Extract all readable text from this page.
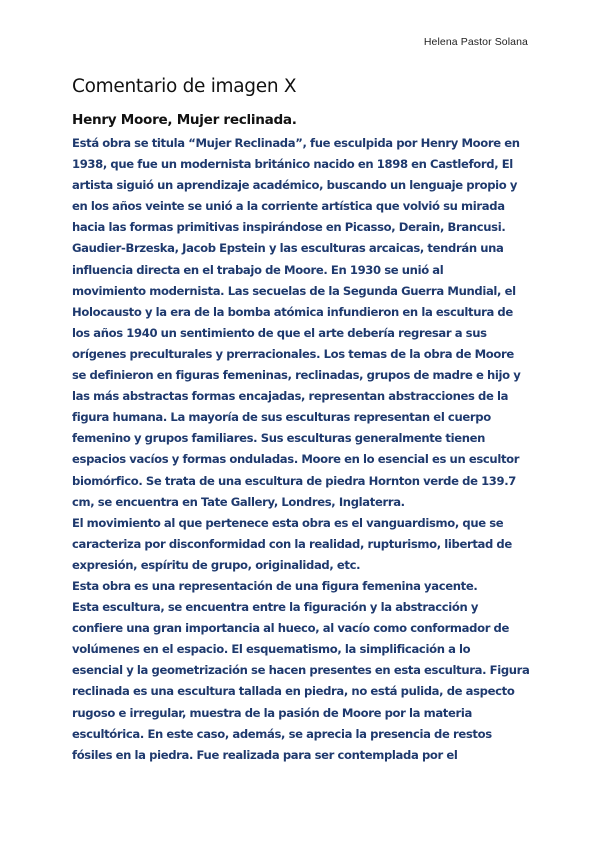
Helena Pastor Solana
Comentario de imagen X
Henry Moore, Mujer reclinada.

Está obra se titula “Mujer Reclinada”, fue esculpida por Henry Moore en
1938, que fue un modernista británico nacido en 1898 en Castleford, El
artista siguió un aprendizaje académico, buscando un lenguaje propio y
en los años veinte se unió a la corriente artística que volvió su mirada
hacia las formas primitivas inspirándose en Picasso, Derain, Brancusi.
Gaudier-Brzeska, Jacob Epstein y las esculturas arcaicas, tendrán una
influencia directa en el trabajo de Moore. En 1930 se unió al
movimiento modernista. Las secuelas de la Segunda Guerra Mundial, el
Holocausto y la era de la bomba atómica infundieron en la escultura de
los años 1940 un sentimiento de que el arte debería regresar a sus
orígenes preculturales y prerracionales. Los temas de la obra de Moore
se definieron en figuras femeninas, reclinadas, grupos de madre e hijo y
las más abstractas formas encajadas, representan abstracciones de la
figura humana. La mayoría de sus esculturas representan el cuerpo
femenino y grupos familiares. Sus esculturas generalmente tienen
espacios vacíos y formas onduladas. Moore en lo esencial es un escultor
biomórfico. Se trata de una escultura de piedra Hornton verde de 139.7
cm, se encuentra en Tate Gallery, Londres, Inglaterra.
El movimiento al que pertenece esta obra es el vanguardismo, que se
caracteriza por disconformidad con la realidad, rupturismo, libertad de
expresión, espíritu de grupo, originalidad, etc.
Esta obra es una representación de una figura femenina yacente.
Esta escultura, se encuentra entre la figuración y la abstracción y
confiere una gran importancia al hueco, al vacío como conformador de
volúmenes en el espacio. El esquematismo, la simplificación a lo
esencial y la geometrización se hacen presentes en esta escultura. Figura
reclinada es una escultura tallada en piedra, no está pulida, de aspecto
rugoso e irregular, muestra de la pasión de Moore por la materia
escultórica. En este caso, además, se aprecia la presencia de restos
fósiles en la piedra. Fue realizada para ser contemplada por el
